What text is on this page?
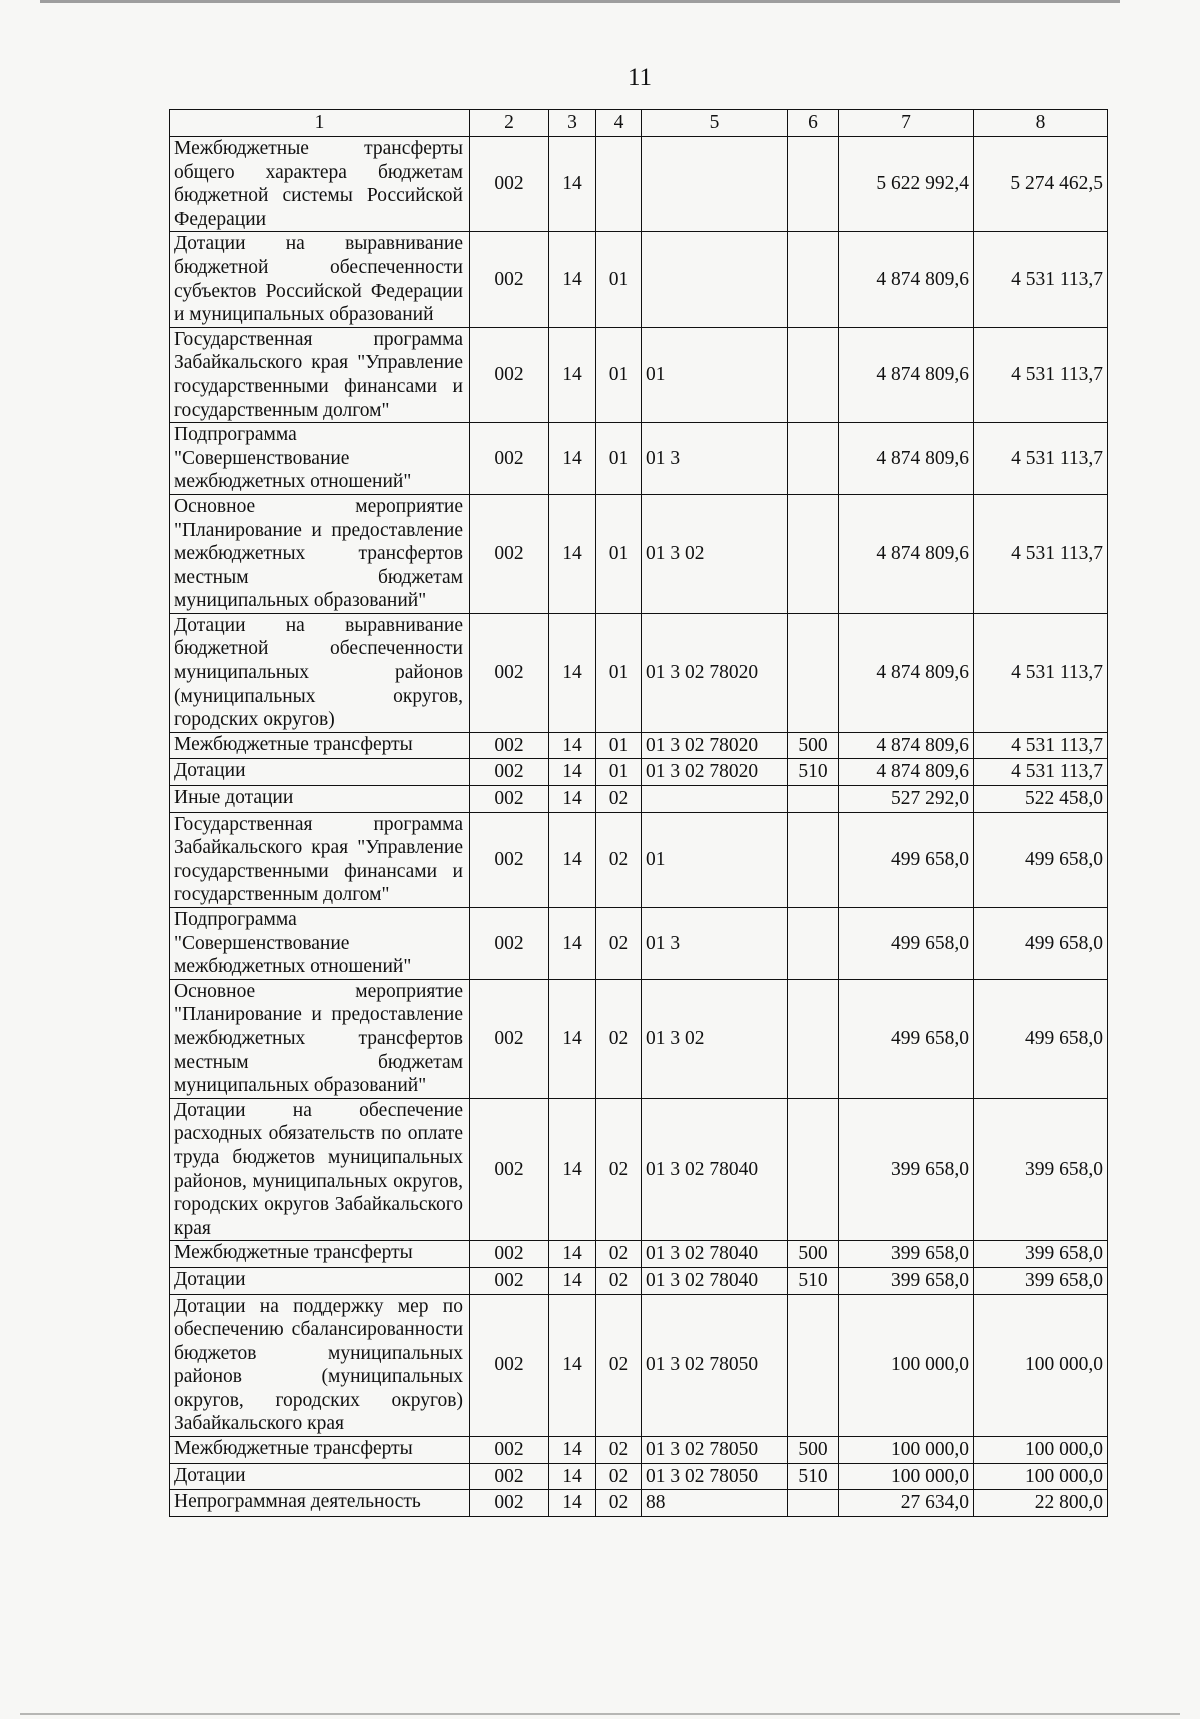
11
1	2	3	4	5	6	7	8
Межбюджетные трансферты общего характера бюджетам бюджетной системы Российской Федерации	002	14				5 622 992,4	5 274 462,5
Дотации на выравнивание бюджетной обеспеченности субъектов Российской Федерации и муниципальных образований	002	14	01			4 874 809,6	4 531 113,7
Государственная программа Забайкальского края "Управление государственными финансами и государственным долгом"	002	14	01	01		4 874 809,6	4 531 113,7
Подпрограмма "Совершенствование межбюджетных отношений"	002	14	01	01 3		4 874 809,6	4 531 113,7
Основное мероприятие "Планирование и предоставление межбюджетных трансфертов местным бюджетам муниципальных образований"	002	14	01	01 3 02		4 874 809,6	4 531 113,7
Дотации на выравнивание бюджетной обеспеченности муниципальных районов (муниципальных округов, городских округов)	002	14	01	01 3 02 78020		4 874 809,6	4 531 113,7
Межбюджетные трансферты	002	14	01	01 3 02 78020	500	4 874 809,6	4 531 113,7
Дотации	002	14	01	01 3 02 78020	510	4 874 809,6	4 531 113,7
Иные дотации	002	14	02			527 292,0	522 458,0
Государственная программа Забайкальского края "Управление государственными финансами и государственным долгом"	002	14	02	01		499 658,0	499 658,0
Подпрограмма "Совершенствование межбюджетных отношений"	002	14	02	01 3		499 658,0	499 658,0
Основное мероприятие "Планирование и предоставление межбюджетных трансфертов местным бюджетам муниципальных образований"	002	14	02	01 3 02		499 658,0	499 658,0
Дотации на обеспечение расходных обязательств по оплате труда бюджетов муниципальных районов, муниципальных округов, городских округов Забайкальского края	002	14	02	01 3 02 78040		399 658,0	399 658,0
Межбюджетные трансферты	002	14	02	01 3 02 78040	500	399 658,0	399 658,0
Дотации	002	14	02	01 3 02 78040	510	399 658,0	399 658,0
Дотации на поддержку мер по обеспечению сбалансированности бюджетов муниципальных районов (муниципальных округов, городских округов) Забайкальского края	002	14	02	01 3 02 78050		100 000,0	100 000,0
Межбюджетные трансферты	002	14	02	01 3 02 78050	500	100 000,0	100 000,0
Дотации	002	14	02	01 3 02 78050	510	100 000,0	100 000,0
Непрограммная деятельность	002	14	02	88		27 634,0	22 800,0
